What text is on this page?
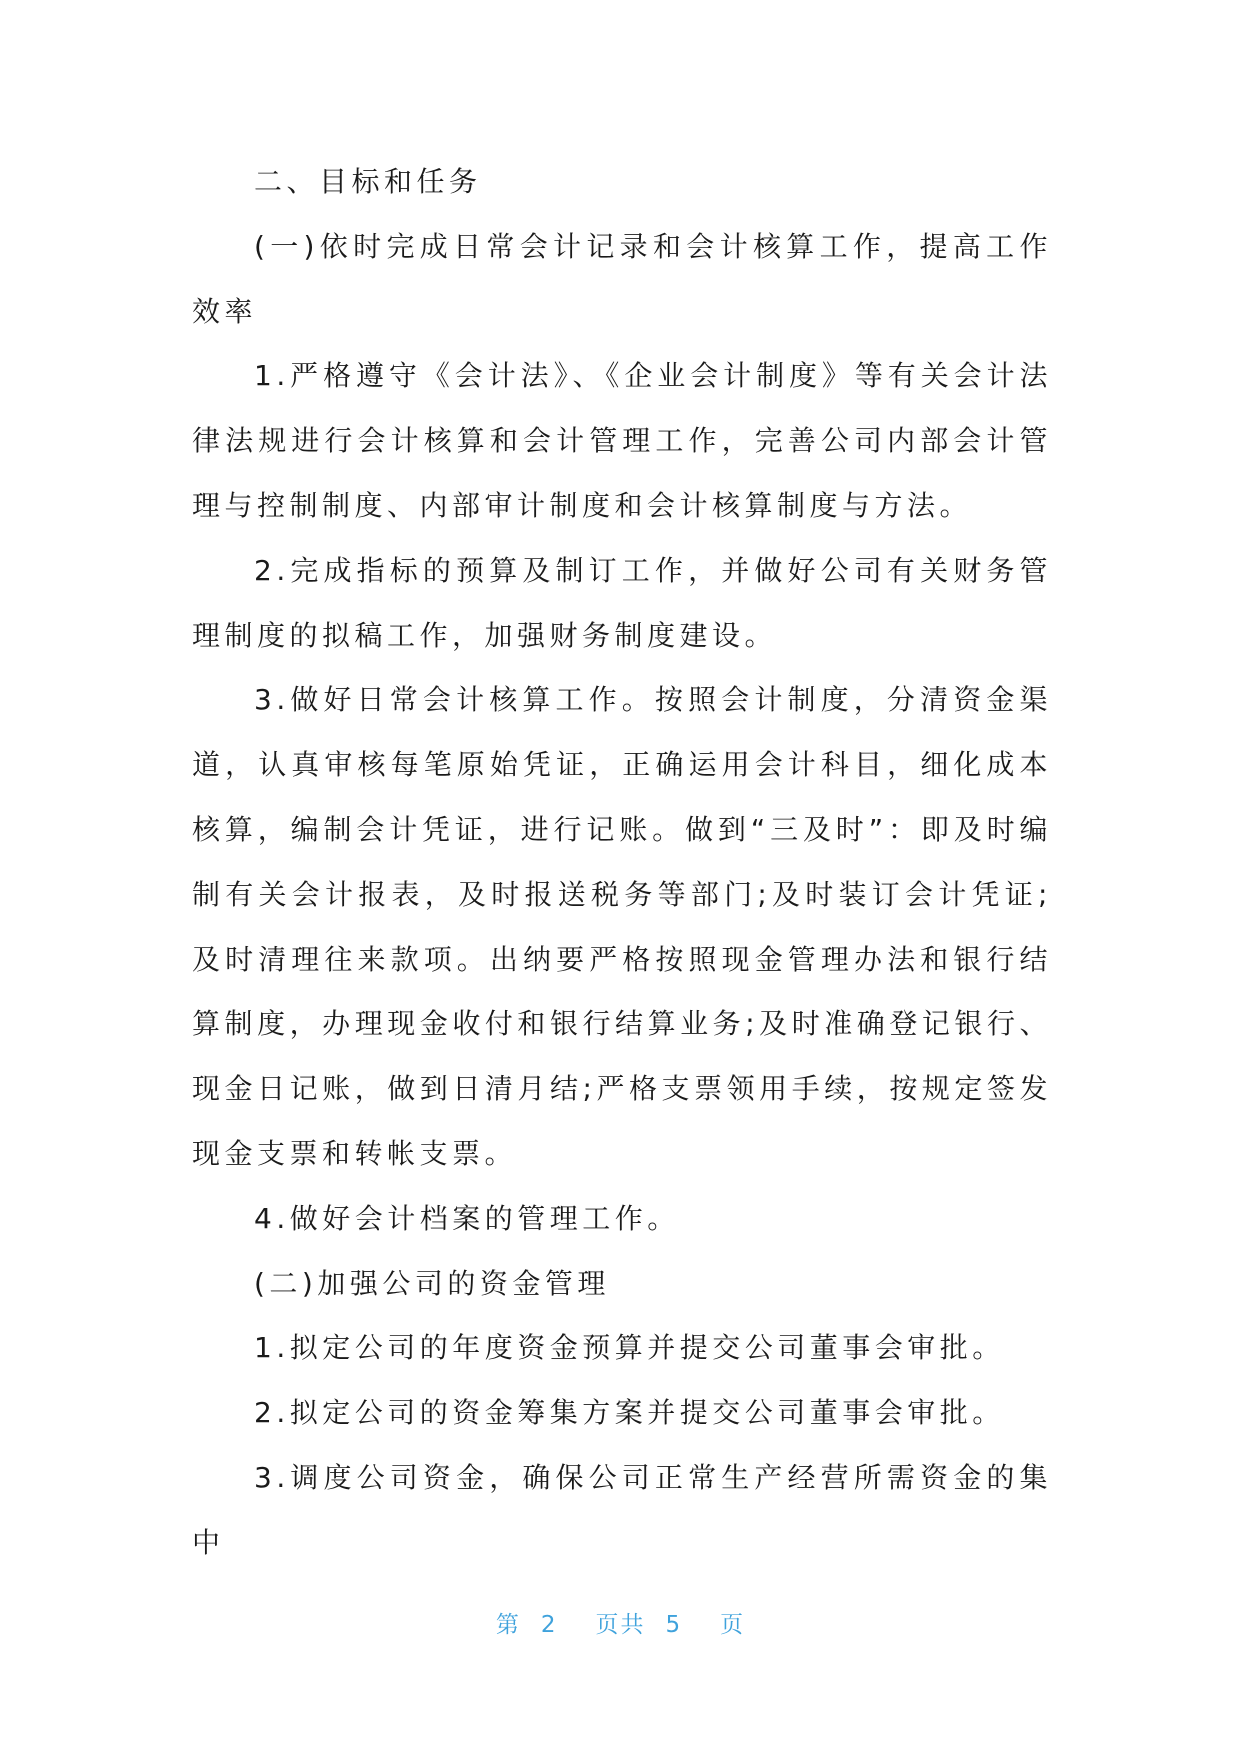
二、目标和任务

(一)依时完成日常会计记录和会计核算工作，提高工作效率

1.严格遵守《会计法》、《企业会计制度》等有关会计法律法规进行会计核算和会计管理工作，完善公司内部会计管理与控制制度、内部审计制度和会计核算制度与方法。

2.完成指标的预算及制订工作，并做好公司有关财务管理制度的拟稿工作，加强财务制度建设。

3.做好日常会计核算工作。按照会计制度，分清资金渠道，认真审核每笔原始凭证，正确运用会计科目，细化成本核算，编制会计凭证，进行记账。做到“三及时”：即及时编制有关会计报表，及时报送税务等部门;及时装订会计凭证;及时清理往来款项。出纳要严格按照现金管理办法和银行结算制度，办理现金收付和银行结算业务;及时准确登记银行、现金日记账，做到日清月结;严格支票领用手续，按规定签发现金支票和转帐支票。

4.做好会计档案的管理工作。

(二)加强公司的资金管理

1.拟定公司的年度资金预算并提交公司董事会审批。

2.拟定公司的资金筹集方案并提交公司董事会审批。

3.调度公司资金，确保公司正常生产经营所需资金的集中

第 2 页共 5 页
